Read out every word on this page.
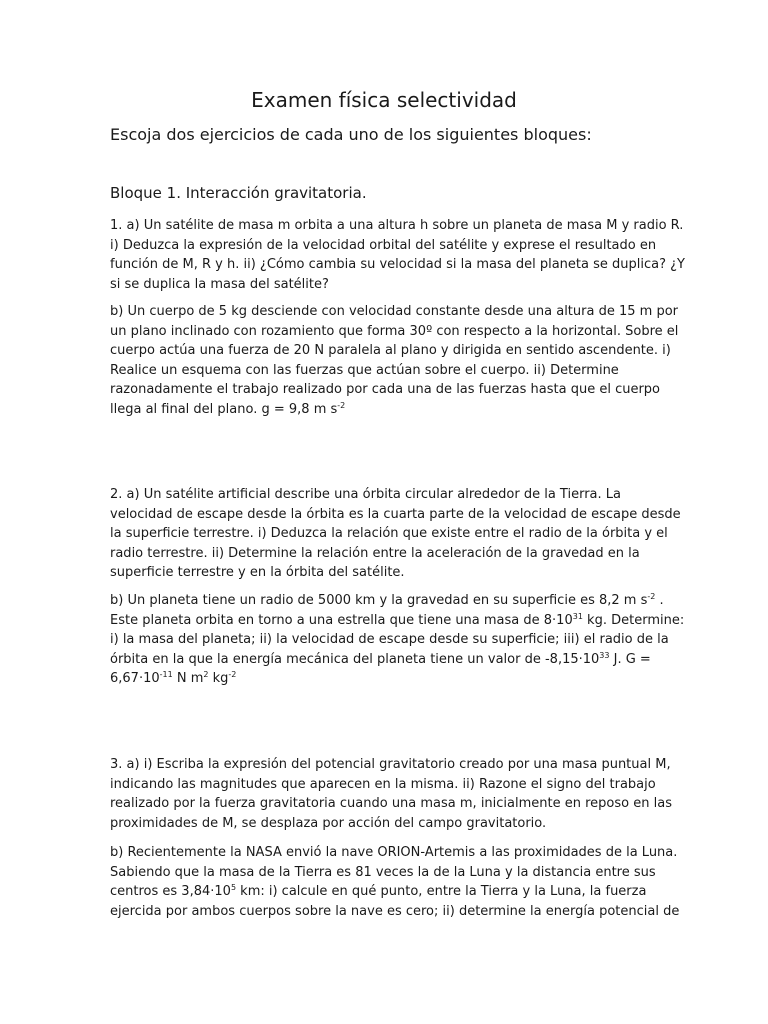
Examen física selectividad
Escoja dos ejercicios de cada uno de los siguientes bloques:
Bloque 1. Interacción gravitatoria.

1. a) Un satélite de masa m orbita a una altura h sobre un planeta de masa M y radio R.
i) Deduzca la expresión de la velocidad orbital del satélite y exprese el resultado en
función de M, R y h. ii) ¿Cómo cambia su velocidad si la masa del planeta se duplica? ¿Y
si se duplica la masa del satélite?

b) Un cuerpo de 5 kg desciende con velocidad constante desde una altura de 15 m por
un plano inclinado con rozamiento que forma 30º con respecto a la horizontal. Sobre el
cuerpo actúa una fuerza de 20 N paralela al plano y dirigida en sentido ascendente. i)
Realice un esquema con las fuerzas que actúan sobre el cuerpo. ii) Determine
razonadamente el trabajo realizado por cada una de las fuerzas hasta que el cuerpo
llega al final del plano. g = 9,8 m $s^{-2}$

2. a) Un satélite artificial describe una órbita circular alrededor de la Tierra. La
velocidad de escape desde la órbita es la cuarta parte de la velocidad de escape desde
la superficie terrestre. i) Deduzca la relación que existe entre el radio de la órbita y el
radio terrestre. ii) Determine la relación entre la aceleración de la gravedad en la
superficie terrestre y en la órbita del satélite.

b) Un planeta tiene un radio de 5000 km y la gravedad en su superficie es 8,2 m $s^{-2}$ .
Este planeta orbita en torno a una estrella que tiene una masa de $8\cdot 10^{31}$ kg. Determine:
i) la masa del planeta; ii) la velocidad de escape desde su superficie; iii) el radio de la
órbita en la que la energía mecánica del planeta tiene un valor de $-8,15\cdot 10^{33}$ J. G =
$6,67\cdot 10^{-11}$ N $m^2$ $kg^{-2}$

3. a) i) Escriba la expresión del potencial gravitatorio creado por una masa puntual M,
indicando las magnitudes que aparecen en la misma. ii) Razone el signo del trabajo
realizado por la fuerza gravitatoria cuando una masa m, inicialmente en reposo en las
proximidades de M, se desplaza por acción del campo gravitatorio.

b) Recientemente la NASA envió la nave ORION-Artemis a las proximidades de la Luna.
Sabiendo que la masa de la Tierra es 81 veces la de la Luna y la distancia entre sus
centros es $3,84\cdot 10^5$ km: i) calcule en qué punto, entre la Tierra y la Luna, la fuerza
ejercida por ambos cuerpos sobre la nave es cero; ii) determine la energía potencial de
